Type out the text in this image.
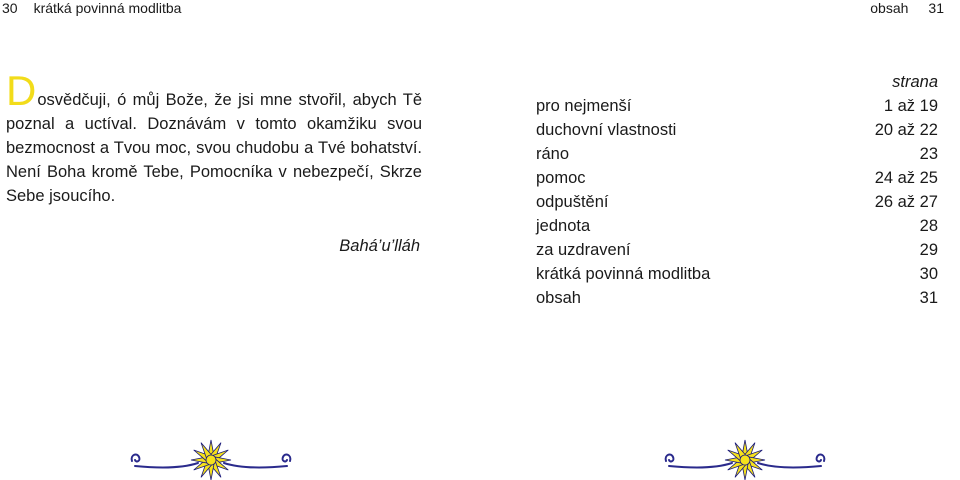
30 krátká povinná modlitba
Dosvědčuji, ó můj Bože, že jsi mne stvořil, abych Tě poznal a uctíval. Doznávám v tomto okamžiku svou bezmocnost a Tvou moc, svou chudobu a Tvé bohatství. Není Boha kromě Tebe, Pomocníka v nebezpečí, Skrze Sebe jsoucího.
Bahá’u’lláh
obsah 31
strana
pro nejmenší	1 až 19
duchovní vlastnosti	20 až 22
ráno	23
pomoc	24 až 25
odpuštění	26 až 27
jednota	28
za uzdravení	29
krátká povinná modlitba	30
obsah	31
